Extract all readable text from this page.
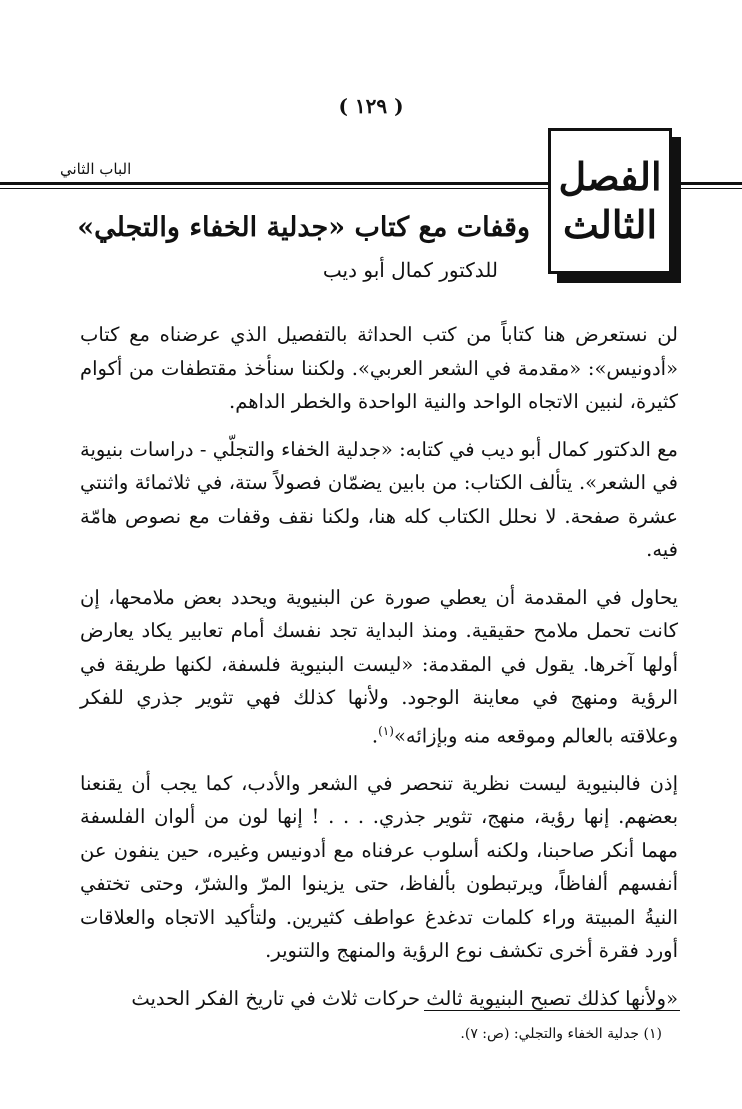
( ١٢٩ )
الباب الثاني	الفصل
الثالث
وقفات مع كتاب «جدلية الخفاء والتجلي»
للدكتور كمال أبو ديب

لن نستعرض هنا كتاباً من كتب الحداثة بالتفصيل الذي عرضناه مع كتاب «أدونيس»: «مقدمة في الشعر العربي». ولكننا سنأخذ مقتطفات من أكوام كثيرة، لنبين الاتجاه الواحد والنية الواحدة والخطر الداهم.

مع الدكتور كمال أبو ديب في كتابه: «جدلية الخفاء والتجلّي - دراسات بنيوية في الشعر». يتألف الكتاب: من بابين يضمّان فصولاً ستة، في ثلاثمائة واثنتي عشرة صفحة. لا نحلل الكتاب كله هنا، ولكنا نقف وقفات مع نصوص هامّة فيه.

يحاول في المقدمة أن يعطي صورة عن البنيوية ويحدد بعض ملامحها، إن كانت تحمل ملامح حقيقية. ومنذ البداية تجد نفسك أمام تعابير يكاد يعارض أولها آخرها. يقول في المقدمة: «ليست البنيوية فلسفة، لكنها طريقة في الرؤية ومنهج في معاينة الوجود. ولأنها كذلك فهي تثوير جذري للفكر وعلاقته بالعالم وموقعه منه وبإزائه»$^{(١)}$.

إذن فالبنيوية ليست نظرية تنحصر في الشعر والأدب، كما يجب أن يقنعنا بعضهم. إنها رؤية، منهج، تثوير جذري. . . . ! إنها لون من ألوان الفلسفة مهما أنكر صاحبنا، ولكنه أسلوب عرفناه مع أدونيس وغيره، حين ينفون عن أنفسهم ألفاظاً، ويرتبطون بألفاظ، حتى يزينوا المرّ والشرّ، وحتى تختفي النيةُ المبيتة وراء كلمات تدغدغ عواطف كثيرين. ولتأكيد الاتجاه والعلاقات أورد فقرة أخرى تكشف نوع الرؤية والمنهج والتنوير.

«ولأنها كذلك تصبح البنيوية ثالث حركات ثلاث في تاريخ الفكر الحديث

(١) جدلية الخفاء والتجلي: (ص: ٧).
